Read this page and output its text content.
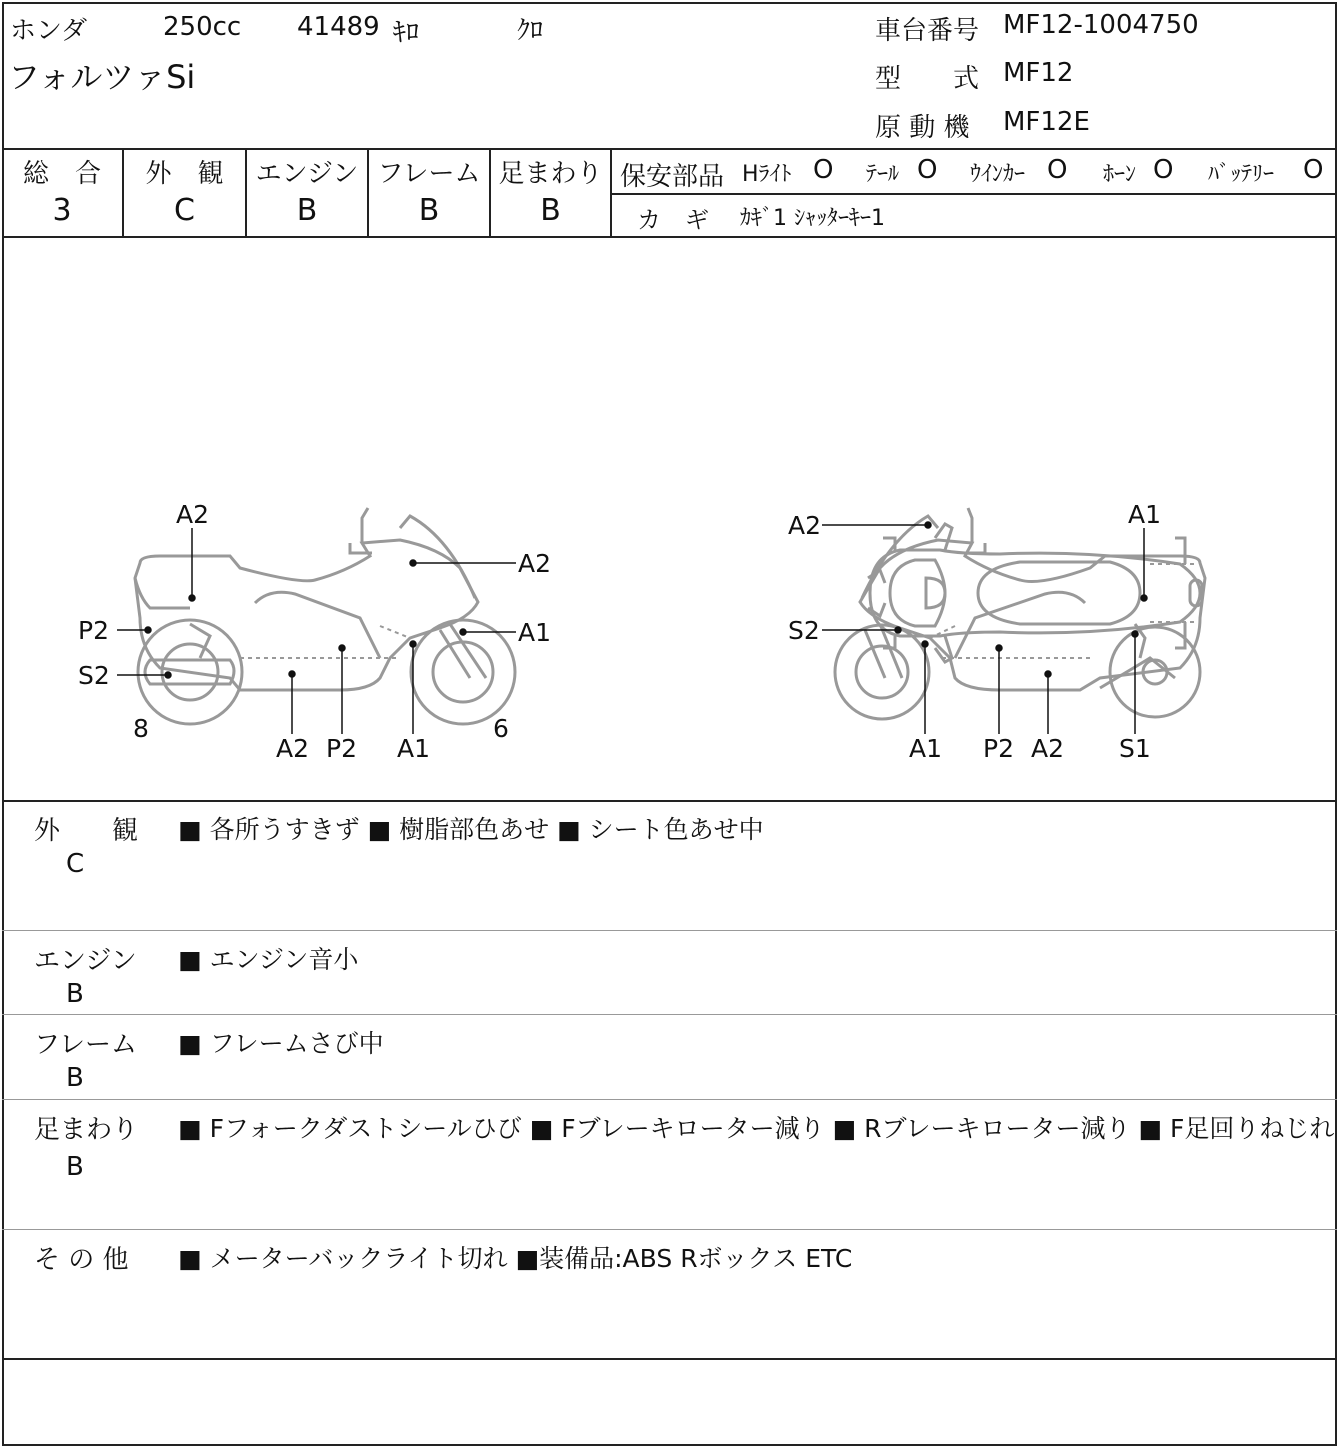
ホンダ	250cc 41489 ｷﾛ	ｸﾛ
フォルツァSi
車台番号 MF12-1004750
型　　式 MF12
原 動 機 MF12E
総　合
3
外　観
C
エンジン
B
フレーム
B
足まわり
B
保安部品 Hﾗｲﾄ O ﾃｰﾙ O ｳｲﾝｶｰ O ﾎｰﾝ O ﾊﾞｯﾃﾘｰ O
カ　ギ ｶｷﾞ1 ｼｬｯﾀｰｷｰ1
A2
A2
P2	A1
S2
8
A2 P2 A1
6
A2	A1
S2
A1 P2 A2 S1
外　　観
C
■ 各所うすきず ■ 樹脂部色あせ ■ シート色あせ中
エンジン
B
■ エンジン音小
フレーム
B
■ フレームさび中
足まわり
B
■ Fフォークダストシールひび ■ Fブレーキローター減り ■ Rブレーキローター減り ■ F足回りねじれ
そ の 他 ■ メーターバックライト切れ ■装備品:ABS Rボックス ETC
